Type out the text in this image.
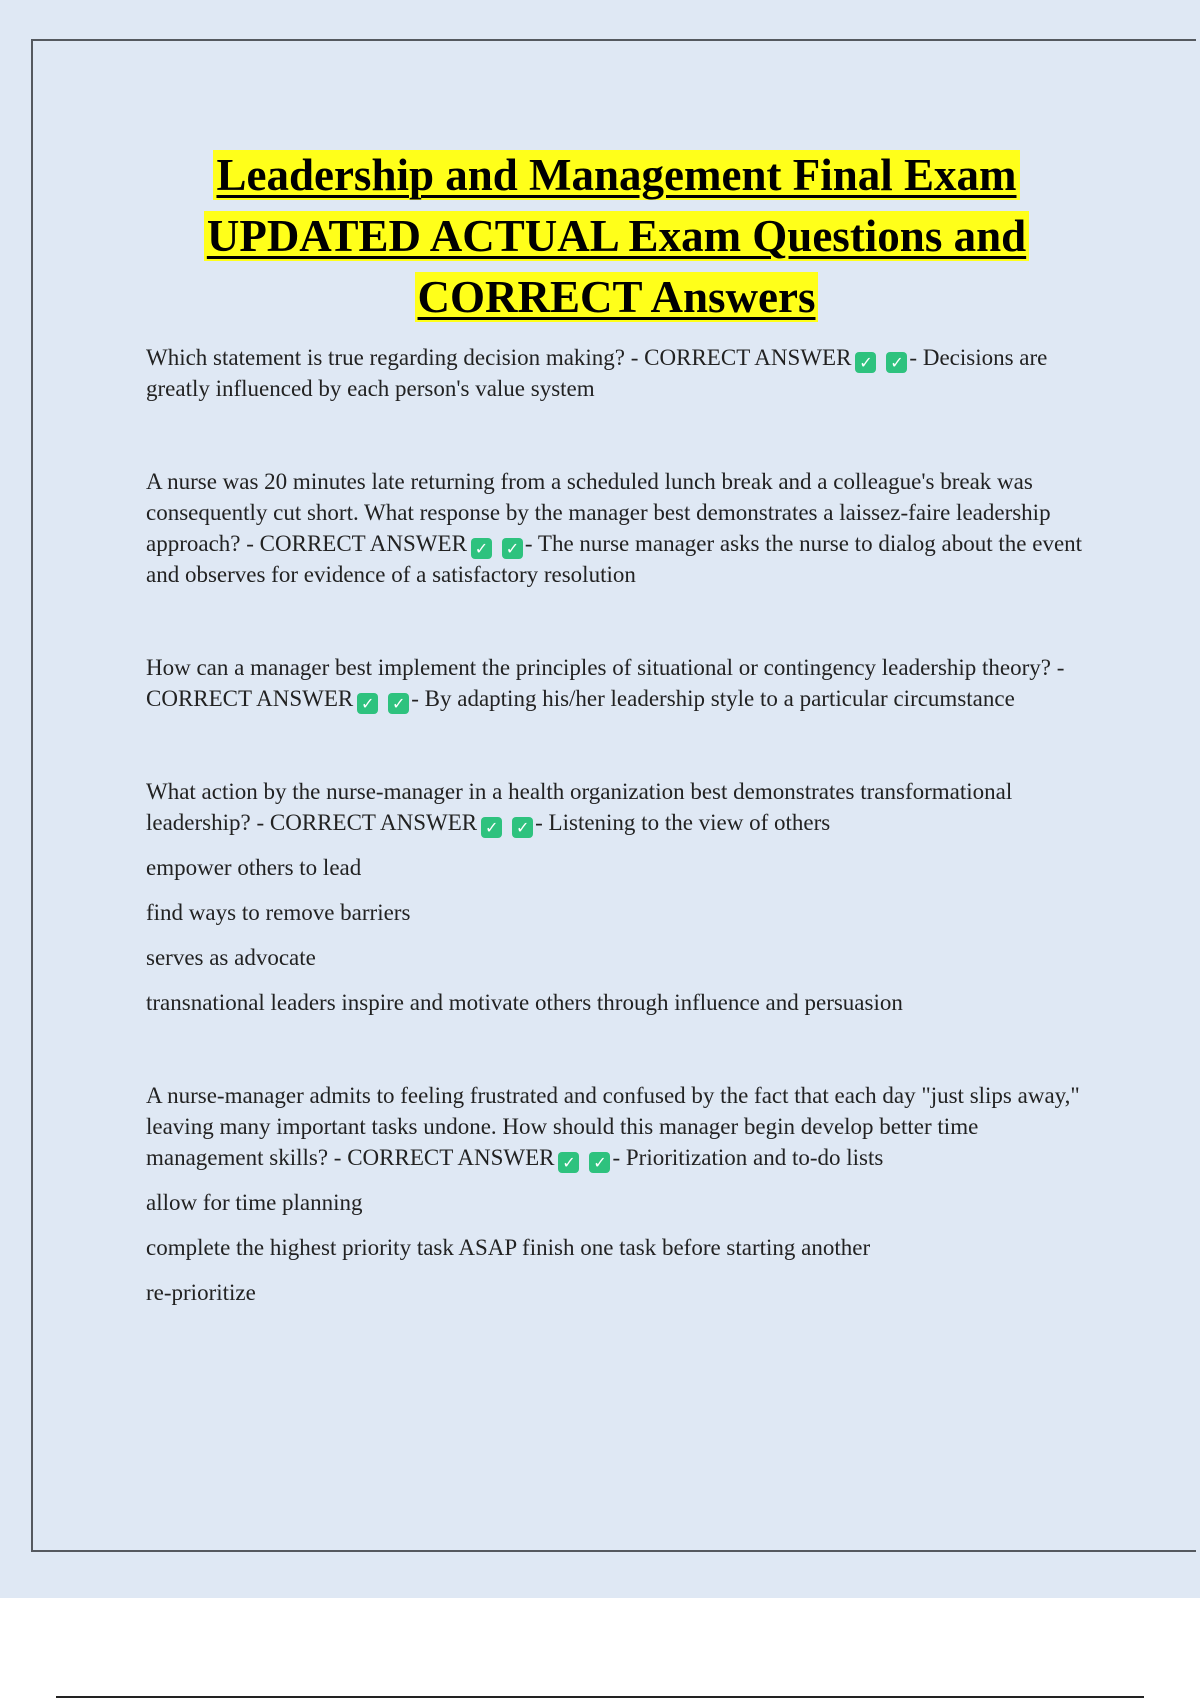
Leadership and Management Final Exam
UPDATED ACTUAL Exam Questions and
CORRECT Answers

Which statement is true regarding decision making? - CORRECT ANSWER ✓ ✓ - Decisions are greatly influenced by each person's value system

A nurse was 20 minutes late returning from a scheduled lunch break and a colleague's break was consequently cut short. What response by the manager best demonstrates a laissez-faire leadership approach? - CORRECT ANSWER ✓ ✓ - The nurse manager asks the nurse to dialog about the event and observes for evidence of a satisfactory resolution

How can a manager best implement the principles of situational or contingency leadership theory? - CORRECT ANSWER ✓ ✓ - By adapting his/her leadership style to a particular circumstance

What action by the nurse-manager in a health organization best demonstrates transformational leadership? - CORRECT ANSWER ✓ ✓ - Listening to the view of others

empower others to lead

find ways to remove barriers

serves as advocate

transnational leaders inspire and motivate others through influence and persuasion

A nurse-manager admits to feeling frustrated and confused by the fact that each day "just slips away," leaving many important tasks undone. How should this manager begin develop better time management skills? - CORRECT ANSWER ✓ ✓ - Prioritization and to-do lists

allow for time planning

complete the highest priority task ASAP finish one task before starting another

re-prioritize
